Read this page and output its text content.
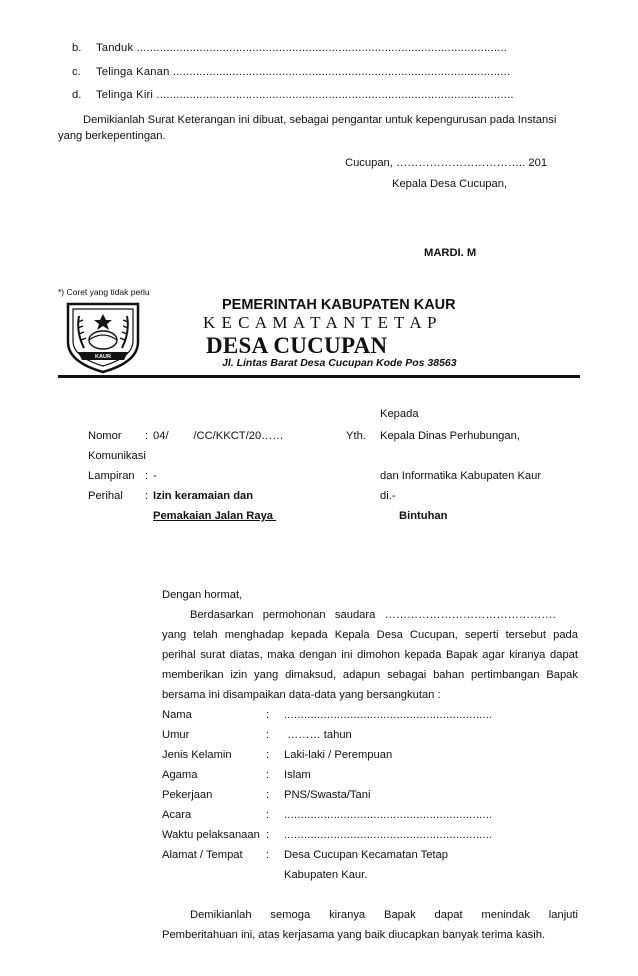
b. Tanduk ................................................................................................................
c. Telinga Kanan ......................................................................................................
d. Telinga Kiri ............................................................................................................
Demikianlah Surat Keterangan ini dibuat, sebagai pengantar untuk kepengurusan pada Instansi
yang berkepentingan.
Cucupan, …………………………….. 201
Kepala Desa Cucupan,
MARDI. M
*) Coret yang tidak perlu
KAUR
PEMERINTAH KABUPATEN KAUR
K E C A M A T A N T E T A P
DESA CUCUPAN
Jl. Lintas Barat Desa Cucupan Kode Pos 38563
Kepada
Yth. Kepala Dinas Perhubungan,
dan Informatika Kabupaten Kaur
di.-
Bintuhan
Nomor : 04/        /CC/KKCT/20……
Komunikasi
Lampiran : -
Perihal : Izin keramaian dan
Pemakaian Jalan Raya
Dengan hormat,
Berdasarkan   permohonan   saudara   ……………………………………….
yang telah menghadap kepada Kepala Desa Cucupan, seperti tersebut pada
perihal surat diatas, maka dengan ini dimohon kepada Bapak agar kiranya dapat
memberikan izin yang dimaksud, adapun sebagai bahan pertimbangan Bapak
bersama ini disampaikan data-data yang bersangkutan :
Nama	: ...............................................................
Umur	: ……… tahun
Jenis Kelamin	: Laki-laki / Perempuan
Agama	: Islam
Pekerjaan	: PNS/Swasta/Tani
Acara	: ...............................................................
Waktu pelaksanaan : ...............................................................
Alamat / Tempat : Desa Cucupan Kecamatan Tetap
Kabupaten Kaur.
Demikianlah semoga kiranya Bapak dapat menindak lanjuti
Pemberitahuan ini, atas kerjasama yang baik diucapkan banyak terima kasih.
